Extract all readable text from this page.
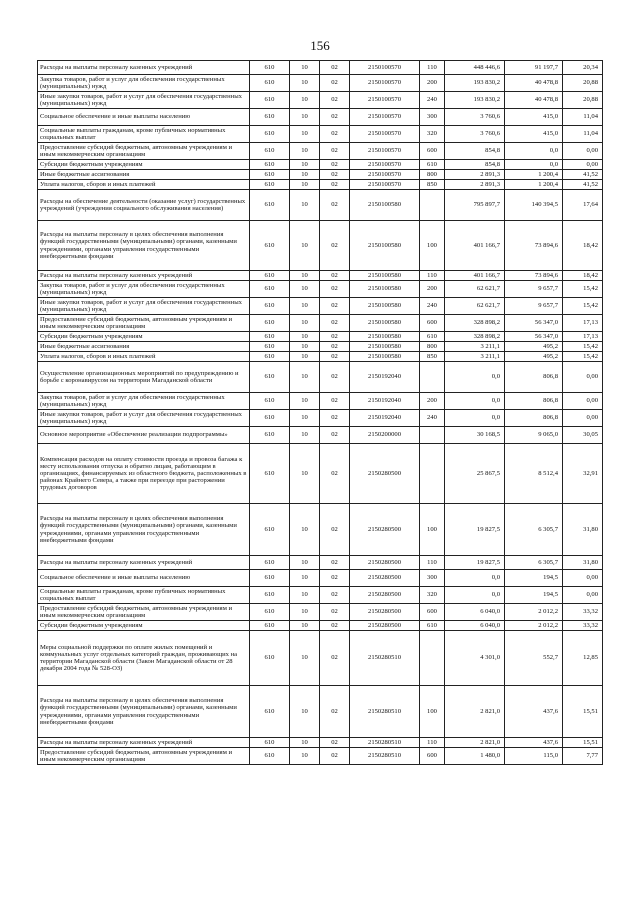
156
Расходы на выплаты персоналу казенных учреждений	610	10	02	2150100570	110	448 446,6	91 197,7	20,34
Закупка товаров, работ и услуг для обеспечения государственных (муниципальных) нужд	610	10	02	2150100570	200	193 830,2	40 478,8	20,88
Иные закупки товаров, работ и услуг для обеспечения государственных (муниципальных) нужд	610	10	02	2150100570	240	193 830,2	40 478,8	20,88
Социальное обеспечение и иные выплаты населению	610	10	02	2150100570	300	3 760,6	415,0	11,04
Социальные выплаты гражданам, кроме публичных нормативных социальных выплат	610	10	02	2150100570	320	3 760,6	415,0	11,04
Предоставление субсидий бюджетным, автономным учреждениям и иным некоммерческим организациям	610	10	02	2150100570	600	854,8	0,0	0,00
Субсидии бюджетным учреждениям	610	10	02	2150100570	610	854,8	0,0	0,00
Иные бюджетные ассигнования	610	10	02	2150100570	800	2 891,3	1 200,4	41,52
Уплата налогов, сборов и иных платежей	610	10	02	2150100570	850	2 891,3	1 200,4	41,52
Расходы на обеспечение деятельности (оказание услуг) государственных учреждений (учреждения социального обслуживания населения)	610	10	02	2150100580		795 897,7	140 394,5	17,64
Расходы на выплаты персоналу в целях обеспечения выполнения функций государственными (муниципальными) органами, казенными учреждениями, органами управления государственными внебюджетными фондами	610	10	02	2150100580	100	401 166,7	73 894,6	18,42
Расходы на выплаты персоналу казенных учреждений	610	10	02	2150100580	110	401 166,7	73 894,6	18,42
Закупка товаров, работ и услуг для обеспечения государственных (муниципальных) нужд	610	10	02	2150100580	200	62 621,7	9 657,7	15,42
Иные закупки товаров, работ и услуг для обеспечения государственных (муниципальных) нужд	610	10	02	2150100580	240	62 621,7	9 657,7	15,42
Предоставление субсидий бюджетным, автономным учреждениям и иным некоммерческим организациям	610	10	02	2150100580	600	328 898,2	56 347,0	17,13
Субсидии бюджетным учреждениям	610	10	02	2150100580	610	328 898,2	56 347,0	17,13
Иные бюджетные ассигнования	610	10	02	2150100580	800	3 211,1	495,2	15,42
Уплата налогов, сборов и иных платежей	610	10	02	2150100580	850	3 211,1	495,2	15,42
Осуществление организационных мероприятий по предупреждению и борьбе с коронавирусом на территории Магаданской области	610	10	02	2150192040		0,0	806,8	0,00
Закупка товаров, работ и услуг для обеспечения государственных (муниципальных) нужд	610	10	02	2150192040	200	0,0	806,8	0,00
Иные закупки товаров, работ и услуг для обеспечения государственных (муниципальных) нужд	610	10	02	2150192040	240	0,0	806,8	0,00
Основное мероприятие «Обеспечение реализации подпрограммы»	610	10	02	2150200000		30 168,5	9 065,0	30,05
Компенсация расходов на оплату стоимости проезда и провоза багажа к месту использования отпуска и обратно лицам, работающим в организациях, финансируемых из областного бюджета, расположенных в районах Крайнего Севера, а также при переезде при расторжении трудовых договоров	610	10	02	2150280500		25 867,5	8 512,4	32,91
Расходы на выплаты персоналу в целях обеспечения выполнения функций государственными (муниципальными) органами, казенными учреждениями, органами управления государственными внебюджетными фондами	610	10	02	2150280500	100	19 827,5	6 305,7	31,80
Расходы на выплаты персоналу казенных учреждений	610	10	02	2150280500	110	19 827,5	6 305,7	31,80
Социальное обеспечение и иные выплаты населению	610	10	02	2150280500	300	0,0	194,5	0,00
Социальные выплаты гражданам, кроме публичных нормативных социальных выплат	610	10	02	2150280500	320	0,0	194,5	0,00
Предоставление субсидий бюджетным, автономным учреждениям и иным некоммерческим организациям	610	10	02	2150280500	600	6 040,0	2 012,2	33,32
Субсидии бюджетным учреждениям	610	10	02	2150280500	610	6 040,0	2 012,2	33,32
Меры социальной поддержки по оплате жилых помещений и коммунальных услуг отдельных категорий граждан, проживающих на территории Магаданской области (Закон Магаданской области от 28 декабря 2004 года № 528-ОЗ)	610	10	02	2150280510		4 301,0	552,7	12,85
Расходы на выплаты персоналу в целях обеспечения выполнения функций государственными (муниципальными) органами, казенными учреждениями, органами управления государственными внебюджетными фондами	610	10	02	2150280510	100	2 821,0	437,6	15,51
Расходы на выплаты персоналу казенных учреждений	610	10	02	2150280510	110	2 821,0	437,6	15,51
Предоставление субсидий бюджетным, автономным учреждениям и иным некоммерческим организациям	610	10	02	2150280510	600	1 480,0	115,0	7,77
